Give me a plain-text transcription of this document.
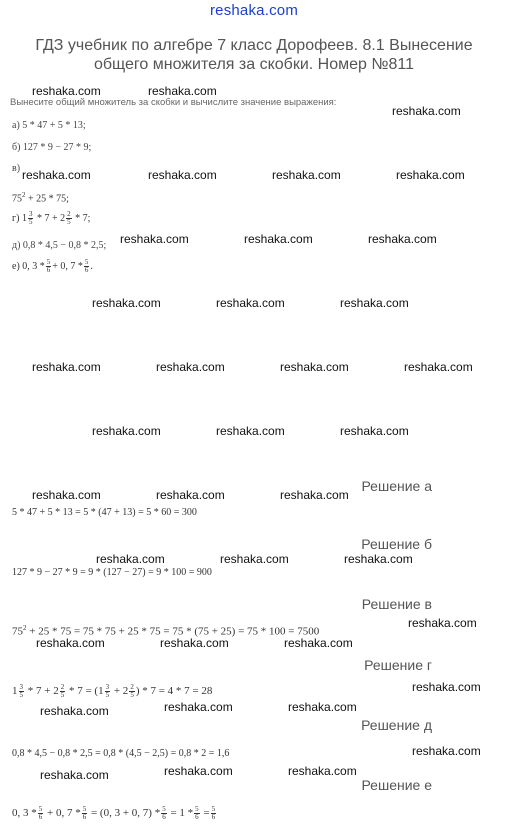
reshaka.com
ГДЗ учебник по алгебре 7 класс Дорофеев. 8.1 Вынесение общего множителя за скобки. Номер №811
Вынесите общий множитель за скобки и вычислите значение выражения:
а) 5 * 47 + 5 * 13;
б) 127 * 9 − 27 * 9;
в)
$75^2 + 25 * 75$;
г) $1 \frac{3}{5} * 7 + 2 \frac{2}{5} * 7$;
д) 0,8 * 4,5 − 0,8 * 2,5;
е) 0, $3 * \frac{5}{6} + 0$, $7 * \frac{5}{6}$ .
Решение а
5 * 47 + 5 * 13 = 5 * (47 + 13) = 5 * 60 = 300
Решение б
127 * 9 − 27 * 9 = 9 * (127 − 27) = 9 * 100 = 900
Решение в
$75^2 + 25 * 75 = 75 * 75 + 25 * 75 = 75 * (75 + 25) = 75 * 100 = 7500$
Решение г
$1 \frac{3}{5} * 7 + 2 \frac{2}{5} * 7 = (1 \frac{3}{5} + 2 \frac{2}{5}$ ) * 7 = 4 * 7 = 28
Решение д
0,8 * 4,5 − 0,8 * 2,5 = 0,8 * (4,5 − 2,5) = 0,8 * 2 = 1,6
Решение е
0, $3 * \frac{5}{6} + 0$, $7 * \frac{5}{6} = (0$, 3 + 0, $7) * \frac{5}{6} = 1 * \frac{5}{6} = \frac{5}{6}$
reshaka.com	reshaka.com
reshaka.com
reshaka.com	reshaka.com	reshaka.com	reshaka.com
reshaka.com	reshaka.com	reshaka.com
reshaka.com	reshaka.com	reshaka.com
reshaka.com	reshaka.com	reshaka.com	reshaka.com
reshaka.com	reshaka.com	reshaka.com
reshaka.com	reshaka.com	reshaka.com
reshaka.com	reshaka.com	reshaka.com
reshaka.com
reshaka.com	reshaka.com	reshaka.com
reshaka.com
reshaka.com	reshaka.com	reshaka.com
reshaka.com
reshaka.com	reshaka.com	reshaka.com
